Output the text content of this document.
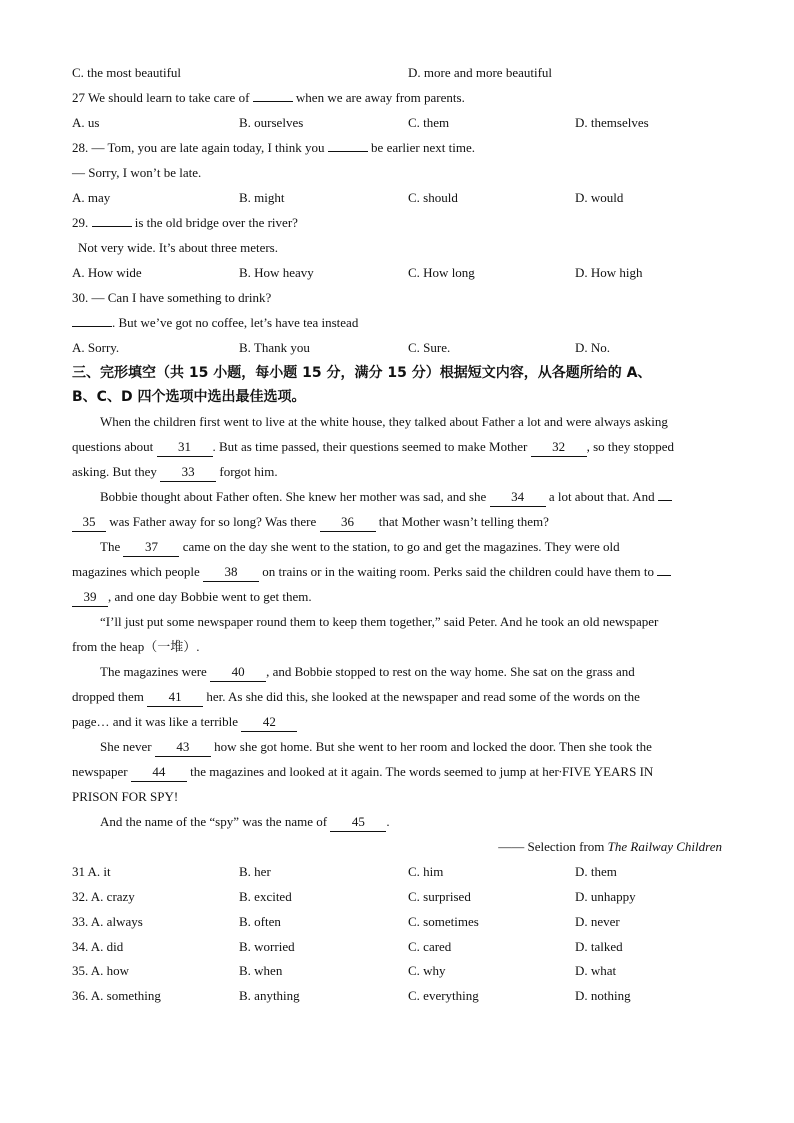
C. the most beautiful	D. more and more beautiful
27 We should learn to take care of	when we are away from parents.
A. us	B. ourselves	C. them	D. themselves
28. — Tom, you are late again today, I think you	be earlier next time.
— Sorry, I won’t be late.
A. may	B. might	C. should	D. would
29.	is the old bridge over the river?
Not very wide. It’s about three meters.
A. How wide	B. How heavy	C. How long	D. How high
30. — Can I have something to drink?
. But we’ve got no coffee, let’s have tea instead
A. Sorry.	B. Thank you	C. Sure.	D. No.
三、完形填空（共 15 小题，每小题 15 分，满分 15 分）根据短文内容，从各题所给的 A、
B、C、D 四个选项中选出最佳选项。
When the children first went to live at the white house, they talked about Father a lot and were always asking
questions about 31 . But as time passed, their questions seemed to make Mother 32 , so they stopped
asking. But they 33 forgot him.
Bobbie thought about Father often. She knew her mother was sad, and she 34 a lot about that. And
35 was Father away for so long? Was there 36 that Mother wasn’t telling them?
The 37 came on the day she went to the station, to go and get the magazines. They were old
magazines which people 38 on trains or in the waiting room. Perks said the children could have them to
39 , and one day Bobbie went to get them.
“I’ll just put some newspaper round them to keep them together,” said Peter. And he took an old newspaper
from the heap（一堆）.
The magazines were 40 , and Bobbie stopped to rest on the way home. She sat on the grass and
dropped them 41 her. As she did this, she looked at the newspaper and read some of the words on the
page… and it was like a terrible 42
She never 43 how she got home. But she went to her room and locked the door. Then she took the
newspaper 44 the magazines and looked at it again. The words seemed to jump at her∙FIVE YEARS IN
PRISON FOR SPY!
And the name of the “spy” was the name of 45 .
—— Selection from The Railway Children
31 A. it	B. her	C. him	D. them
32. A. crazy	B. excited	C. surprised	D. unhappy
33. A. always	B. often	C. sometimes	D. never
34. A. did	B. worried	C. cared	D. talked
35. A. how	B. when	C. why	D. what
36. A. something	B. anything	C. everything	D. nothing
